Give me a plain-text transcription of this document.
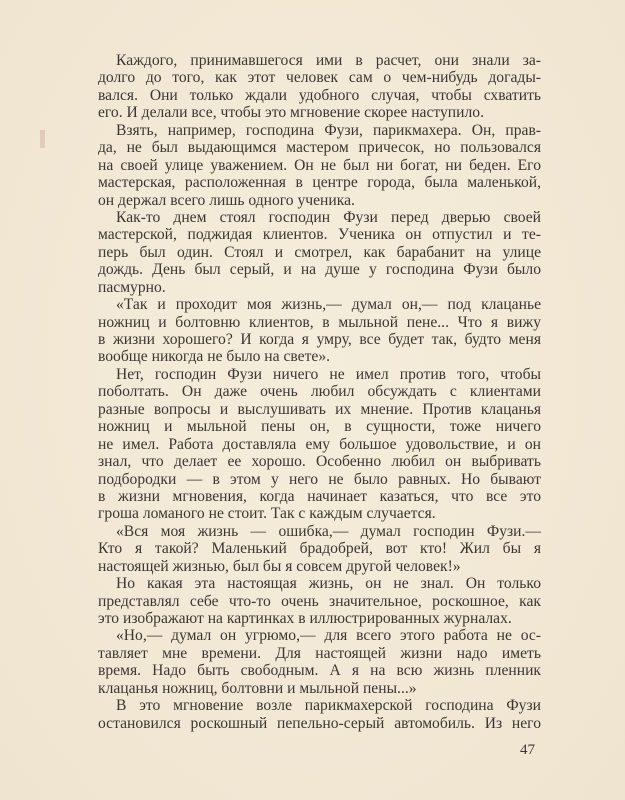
Каждого, принимавшегося ими в расчет, они знали за-
долго до того, как этот человек сам о чем-нибудь догады-
вался. Они только ждали удобного случая, чтобы схватить
его. И делали все, чтобы это мгновение скорее наступило.
Взять, например, господина Фузи, парикмахера. Он, прав-
да, не был выдающимся мастером причесок, но пользовался
на своей улице уважением. Он не был ни богат, ни беден. Его
мастерская, расположенная в центре города, была маленькой,
он держал всего лишь одного ученика.
Как-то днем стоял господин Фузи перед дверью своей
мастерской, поджидая клиентов. Ученика он отпустил и те-
перь был один. Стоял и смотрел, как барабанит на улице
дождь. День был серый, и на душе у господина Фузи было
пасмурно.
«Так и проходит моя жизнь,— думал он,— под клацанье
ножниц и болтовню клиентов, в мыльной пене... Что я вижу
в жизни хорошего? И когда я умру, все будет так, будто меня
вообще никогда не было на свете».
Нет, господин Фузи ничего не имел против того, чтобы
поболтать. Он даже очень любил обсуждать с клиентами
разные вопросы и выслушивать их мнение. Против клацанья
ножниц и мыльной пены он, в сущности, тоже ничего
не имел. Работа доставляла ему большое удовольствие, и он
знал, что делает ее хорошо. Особенно любил он выбривать
подбородки — в этом у него не было равных. Но бывают
в жизни мгновения, когда начинает казаться, что все это
гроша ломаного не стоит. Так с каждым случается.
«Вся моя жизнь — ошибка,— думал господин Фузи.—
Кто я такой? Маленький брадобрей, вот кто! Жил бы я
настоящей жизнью, был бы я совсем другой человек!»
Но какая эта настоящая жизнь, он не знал. Он только
представлял себе что-то очень значительное, роскошное, как
это изображают на картинках в иллюстрированных журналах.
«Но,— думал он угрюмо,— для всего этого работа не ос-
тавляет мне времени. Для настоящей жизни надо иметь
время. Надо быть свободным. А я на всю жизнь пленник
клацанья ножниц, болтовни и мыльной пены...»
В это мгновение возле парикмахерской господина Фузи
остановился роскошный пепельно-серый автомобиль. Из него
47
